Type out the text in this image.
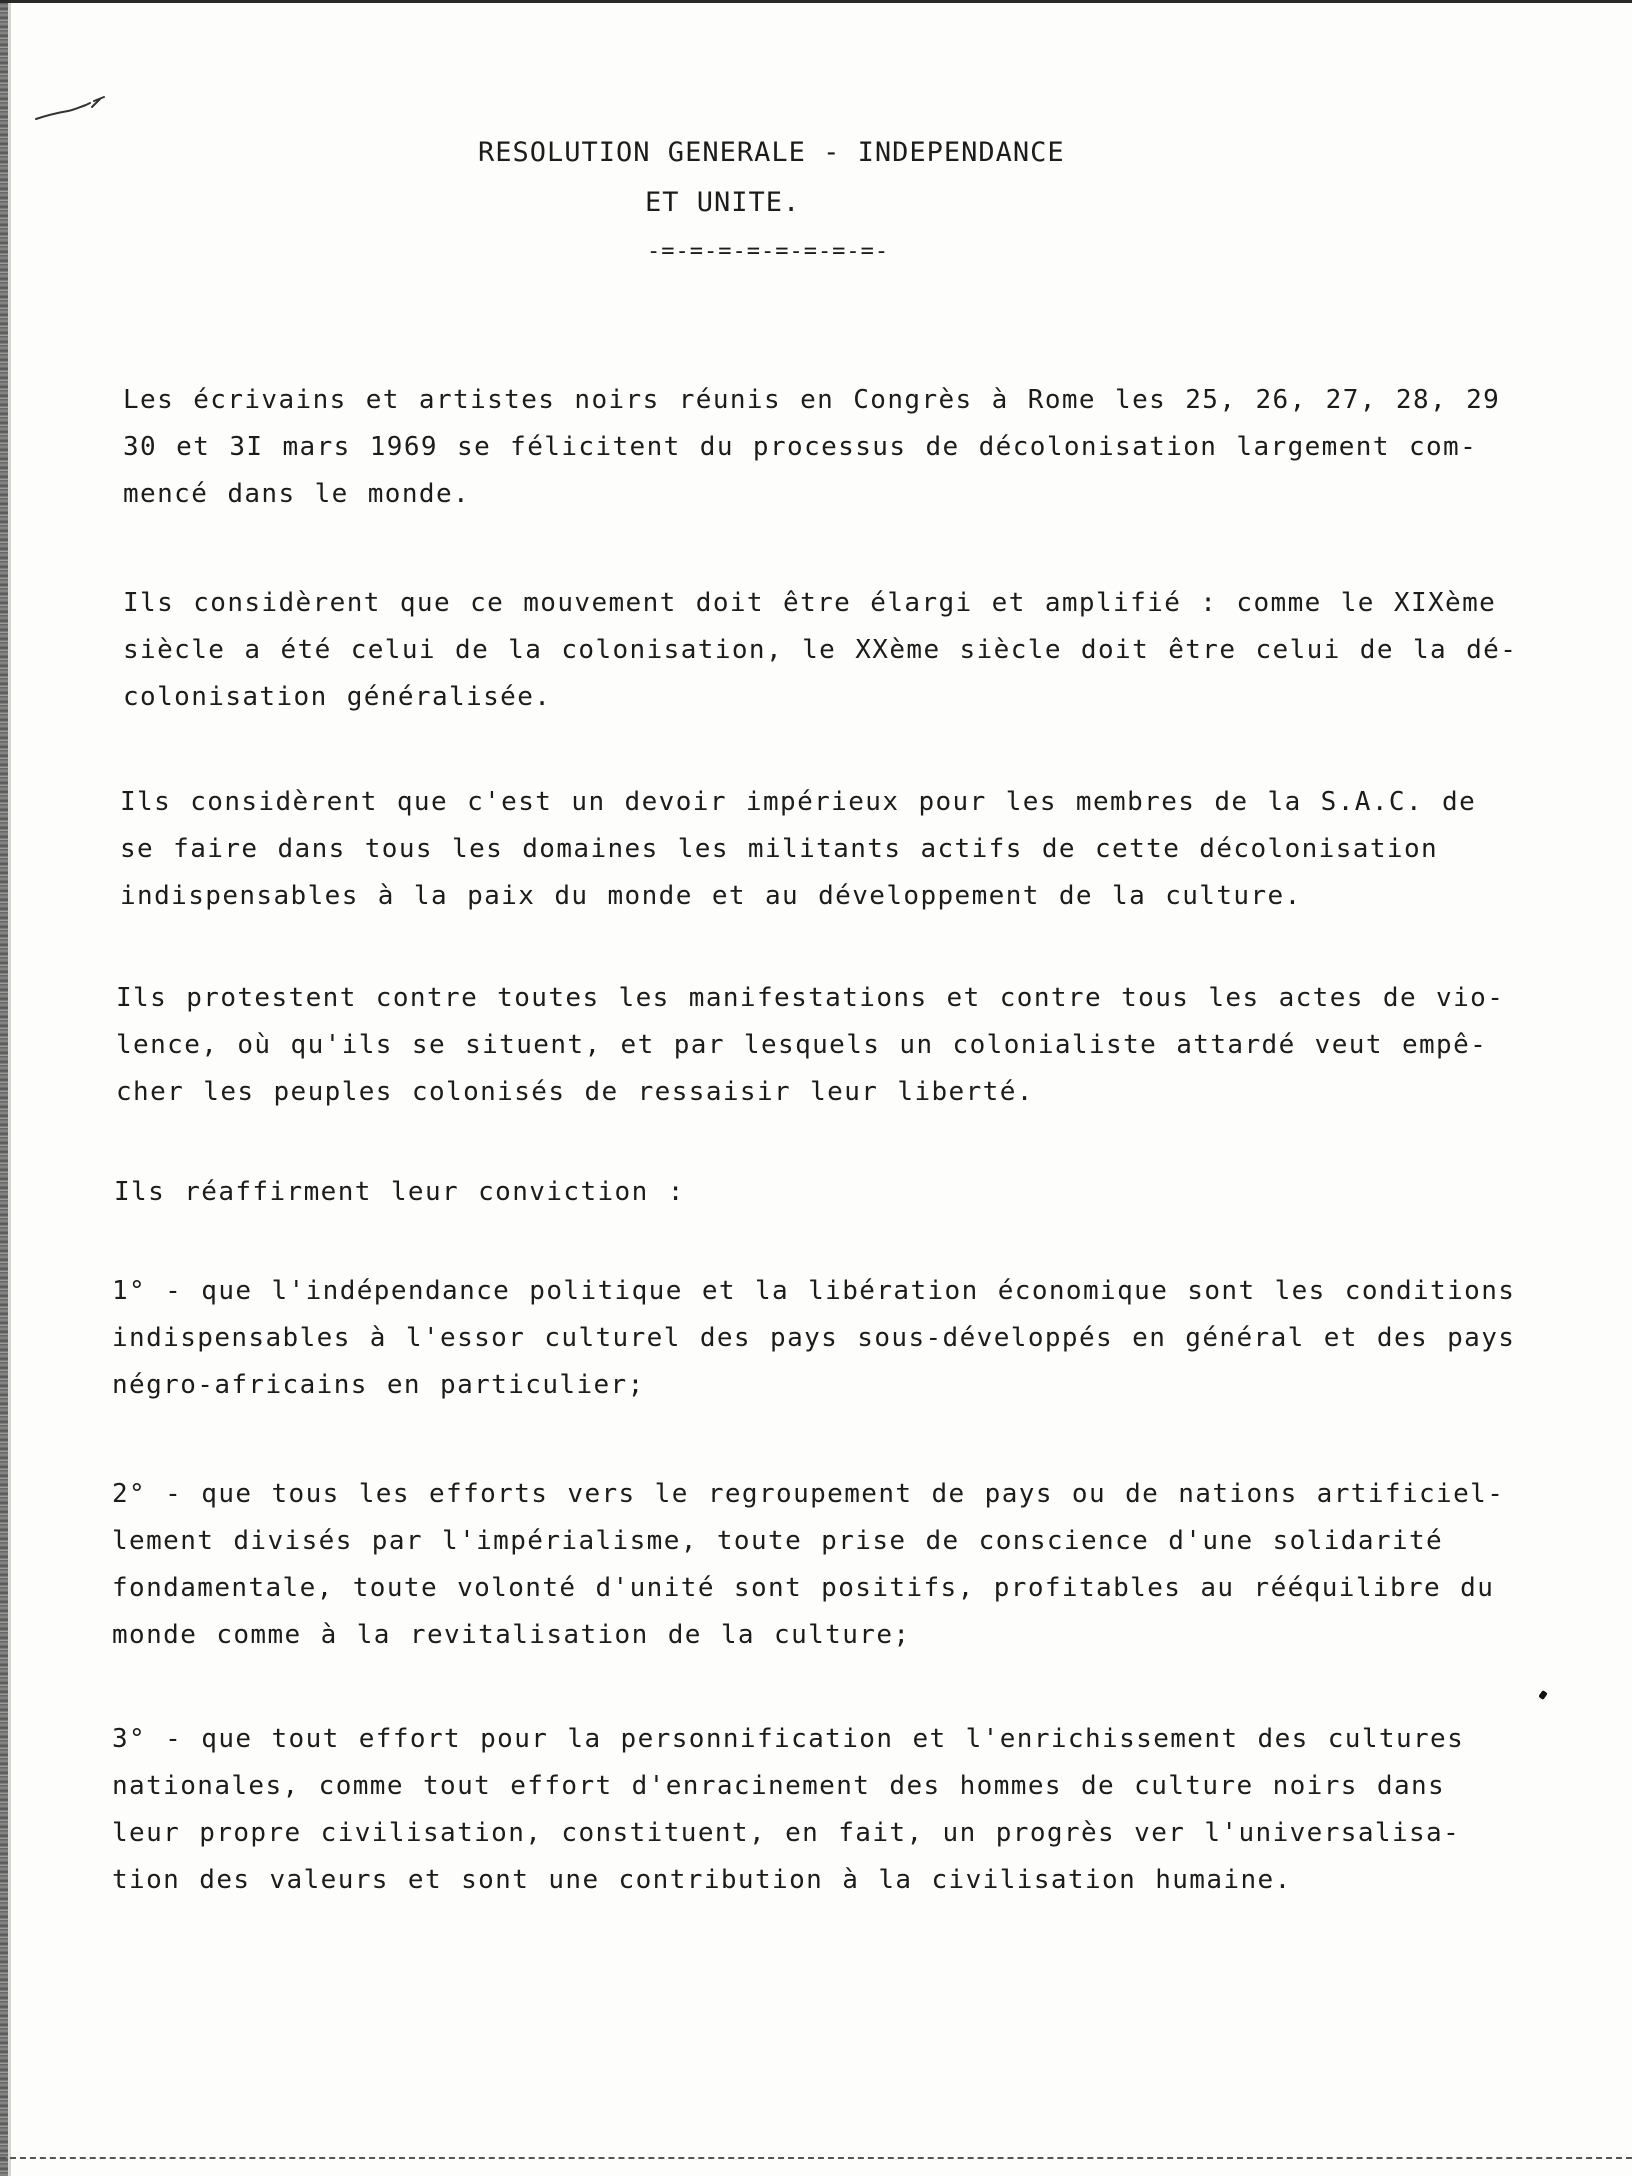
RESOLUTION GENERALE - INDEPENDANCE
ET UNITE.
-=-=-=-=-=-=-=-=-

Les écrivains et artistes noirs réunis en Congrès à Rome les 25, 26, 27, 28, 29
30 et 3I mars 1969 se félicitent du processus de décolonisation largement com-
mencé dans le monde.

Ils considèrent que ce mouvement doit être élargi et amplifié : comme le XIXème
siècle a été celui de la colonisation, le XXème siècle doit être celui de la dé-
colonisation généralisée.

Ils considèrent que c'est un devoir impérieux pour les membres de la S.A.C. de
se faire dans tous les domaines les militants actifs de cette décolonisation
indispensables à la paix du monde et au développement de la culture.

Ils protestent contre toutes les manifestations et contre tous les actes de vio-
lence, où qu'ils se situent, et par lesquels un colonialiste attardé veut empê-
cher les peuples colonisés de ressaisir leur liberté.

Ils réaffirment leur conviction :

1° - que l'indépendance politique et la libération économique sont les conditions
indispensables à l'essor culturel des pays sous-développés en général et des pays
négro-africains en particulier;

2° - que tous les efforts vers le regroupement de pays ou de nations artificiel-
lement divisés par l'impérialisme, toute prise de conscience d'une solidarité
fondamentale, toute volonté d'unité sont positifs, profitables au rééquilibre du
monde comme à la revitalisation de la culture;

3° - que tout effort pour la personnification et l'enrichissement des cultures
nationales, comme tout effort d'enracinement des hommes de culture noirs dans
leur propre civilisation, constituent, en fait, un progrès ver l'universalisa-
tion des valeurs et sont une contribution à la civilisation humaine.
